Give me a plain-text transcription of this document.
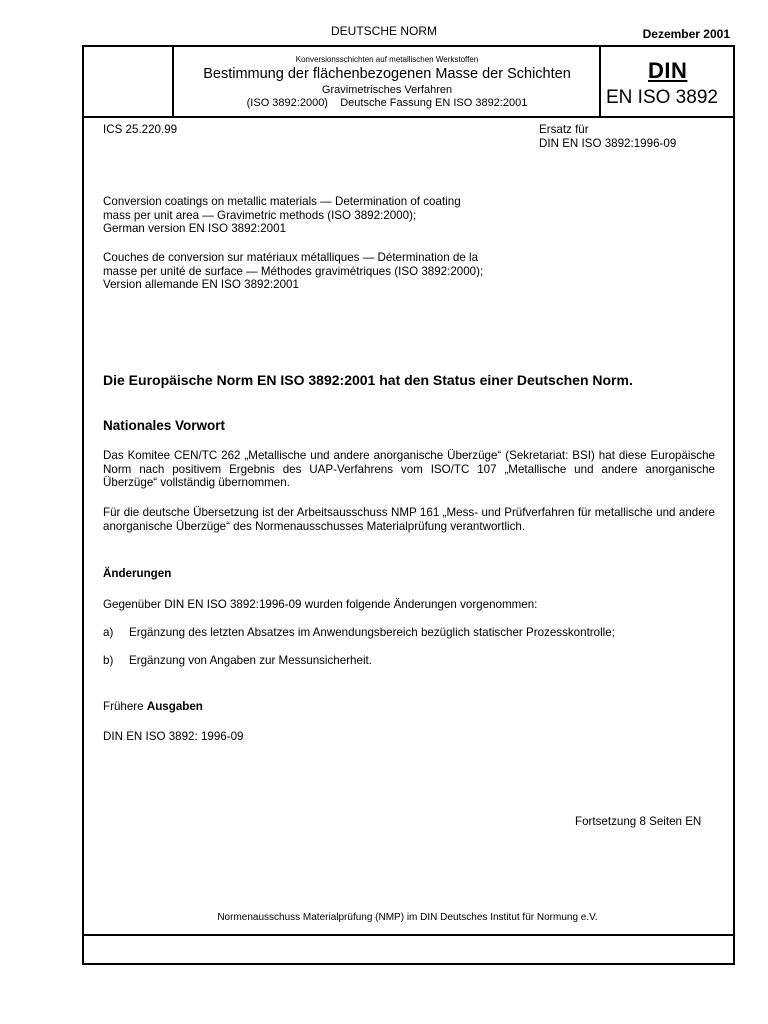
DEUTSCHE NORM	Dezember 2001
Konversionsschichten auf metallischen Werkstoffen
Bestimmung der flächenbezogenen Masse der Schichten
Gravimetrisches Verfahren
(ISO 3892:2000) Deutsche Fassung EN ISO 3892:2001
DIN
EN ISO 3892
ICS 25.220.99	Ersatz für
DIN EN ISO 3892:1996-09
Conversion coatings on metallic materials — Determination of coating
mass per unit area — Gravimetric methods (ISO 3892:2000);
German version EN ISO 3892:2001
Couches de conversion sur matériaux métalliques — Détermination de la
masse per unité de surface — Méthodes gravimétriques (ISO 3892:2000);
Version allemande EN ISO 3892:2001
Die Europäische Norm EN ISO 3892:2001 hat den Status einer Deutschen Norm.
Nationales Vorwort
Das Komitee CEN/TC 262 „Metallische und andere anorganische Überzüge“ (Sekretariat: BSI) hat diese Europäische Norm nach positivem Ergebnis des UAP-Verfahrens vom ISO/TC 107 „Metallische und andere anorganische Überzüge“ vollständig übernommen.
Für die deutsche Übersetzung ist der Arbeitsausschuss NMP 161 „Mess- und Prüfverfahren für metallische und andere anorganische Überzüge“ des Normenausschusses Materialprüfung verantwortlich.
Änderungen
Gegenüber DIN EN ISO 3892:1996-09 wurden folgende Änderungen vorgenommen:
a) Ergänzung des letzten Absatzes im Anwendungsbereich bezüglich statischer Prozesskontrolle;
b) Ergänzung von Angaben zur Messunsicherheit.
Frühere Ausgaben
DIN EN ISO 3892: 1996-09
Fortsetzung 8 Seiten EN
Normenausschuss Materialprüfung (NMP) im DIN Deutsches Institut für Normung e.V.
